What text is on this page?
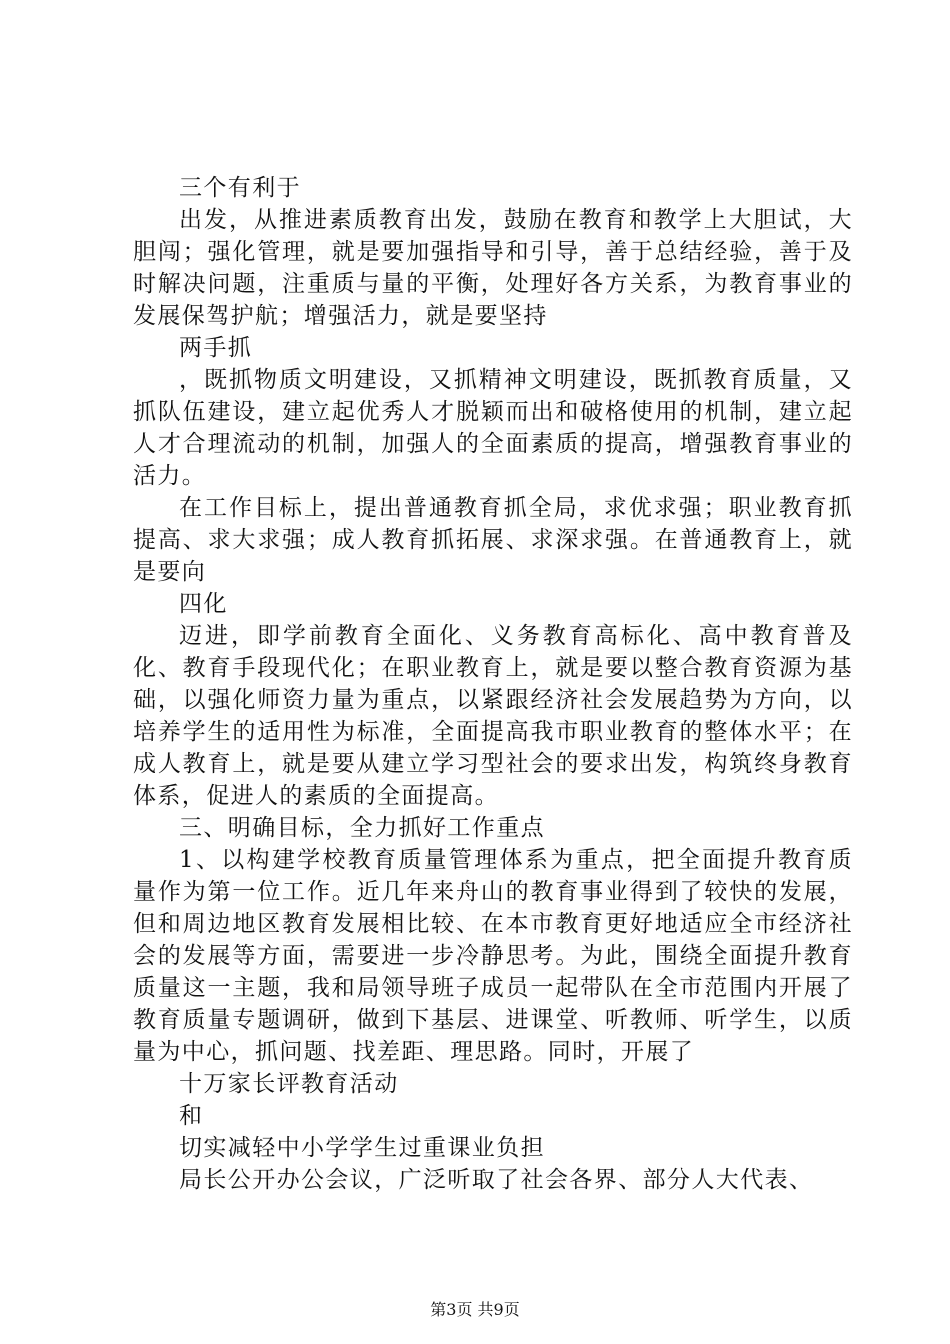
三个有利于

出发，从推进素质教育出发，鼓励在教育和教学上大胆试，大胆闯；强化管理，就是要加强指导和引导，善于总结经验，善于及时解决问题，注重质与量的平衡，处理好各方关系，为教育事业的发展保驾护航；增强活力，就是要坚持

两手抓

，既抓物质文明建设，又抓精神文明建设，既抓教育质量，又抓队伍建设，建立起优秀人才脱颖而出和破格使用的机制，建立起人才合理流动的机制，加强人的全面素质的提高，增强教育事业的活力。

在工作目标上，提出普通教育抓全局，求优求强；职业教育抓提高、求大求强；成人教育抓拓展、求深求强。在普通教育上，就是要向

四化

迈进，即学前教育全面化、义务教育高标化、高中教育普及化、教育手段现代化；在职业教育上，就是要以整合教育资源为基础，以强化师资力量为重点，以紧跟经济社会发展趋势为方向，以培养学生的适用性为标准，全面提高我市职业教育的整体水平；在成人教育上，就是要从建立学习型社会的要求出发，构筑终身教育体系，促进人的素质的全面提高。

三、明确目标，全力抓好工作重点

1、以构建学校教育质量管理体系为重点，把全面提升教育质量作为第一位工作。近几年来舟山的教育事业得到了较快的发展，但和周边地区教育发展相比较、在本市教育更好地适应全市经济社会的发展等方面，需要进一步冷静思考。为此，围绕全面提升教育质量这一主题，我和局领导班子成员一起带队在全市范围内开展了教育质量专题调研，做到下基层、进课堂、听教师、听学生，以质量为中心，抓问题、找差距、理思路。同时，开展了

十万家长评教育活动

和

切实减轻中小学学生过重课业负担

局长公开办公会议，广泛听取了社会各界、部分人大代表、

第3页 共9页
